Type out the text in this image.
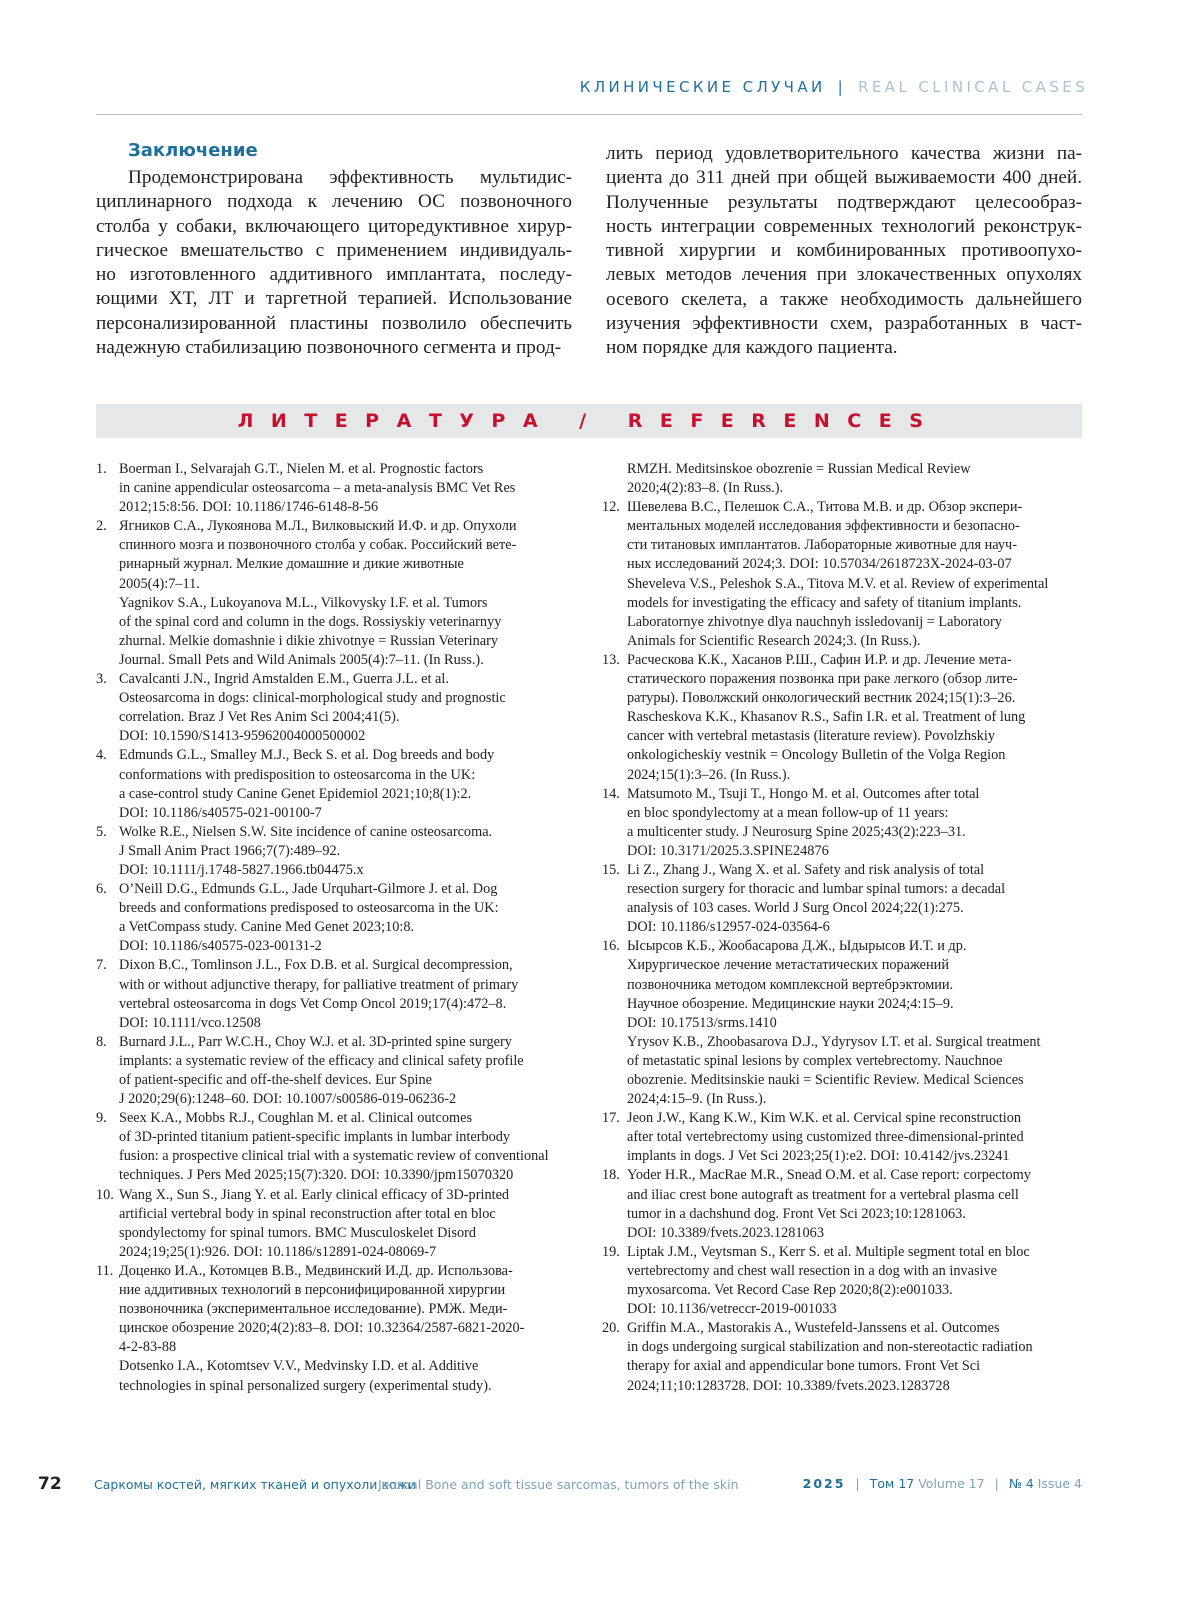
КЛИНИЧЕСКИЕ СЛУЧАИ | REAL CLINICAL CASES
Заключение
Продемонстрирована эффективность мультидис-
циплинарного подхода к лечению ОС позвоночного
столба у собаки, включающего циторедуктивное хирур-
гическое вмешательство с применением индивидуаль-
но изготовленного аддитивного имплантата, последу-
ющими ХТ, ЛТ и таргетной терапией. Использование
персонализированной пластины позволило обеспечить
надежную стабилизацию позвоночного сегмента и прод-
лить период удовлетворительного качества жизни па-
циента до 311 дней при общей выживаемости 400 дней.
Полученные результаты подтверждают целесообраз-
ность интеграции современных технологий реконструк-
тивной хирургии и комбинированных противоопухо-
левых методов лечения при злокачественных опухолях
осевого скелета, а также необходимость дальнейшего
изучения эффективности схем, разработанных в част-
ном порядке для каждого пациента.
ЛИТЕРАТУРА / REFERENCES
1. Boerman I., Selvarajah G.T., Nielen M. et al. Prognostic factors
in canine appendicular osteosarcoma – a meta-analysis BMC Vet Res
2012;15:8:56. DOI: 10.1186/1746-6148-8-56
2. Ягников С.А., Лукоянова М.Л., Вилковыский И.Ф. и др. Опухоли
спинного мозга и позвоночного столба у собак. Российский вете-
ринарный журнал. Мелкие домашние и дикие животные
2005(4):7–11.
Yagnikov S.A., Lukoyanova M.L., Vilkovysky I.F. et al. Tumors
of the spinal cord and column in the dogs. Rossiyskiy veterinarnyy
zhurnal. Melkie domashnie i dikie zhivotnye = Russian Veterinary
Journal. Small Pets and Wild Animals 2005(4):7–11. (In Russ.).
3. Cavalcanti J.N., Ingrid Amstalden E.M., Guerra J.L. et al.
Osteosarcoma in dogs: clinical-morphological study and prognostic
correlation. Braz J Vet Res Anim Sci 2004;41(5).
DOI: 10.1590/S1413-95962004000500002
4. Edmunds G.L., Smalley M.J., Beck S. et al. Dog breeds and body
conformations with predisposition to osteosarcoma in the UK:
a case-control study Canine Genet Epidemiol 2021;10;8(1):2.
DOI: 10.1186/s40575-021-00100-7
5. Wolke R.E., Nielsen S.W. Site incidence of canine osteosarcoma.
J Small Anim Pract 1966;7(7):489–92.
DOI: 10.1111/j.1748-5827.1966.tb04475.x
6. O’Neill D.G., Edmunds G.L., Jade Urquhart-Gilmore J. et al. Dog
breeds and conformations predisposed to osteosarcoma in the UK:
a VetCompass study. Canine Med Genet 2023;10:8.
DOI: 10.1186/s40575-023-00131-2
7. Dixon B.C., Tomlinson J.L., Fox D.B. et al. Surgical decompression,
with or without adjunctive therapy, for palliative treatment of primary
vertebral osteosarcoma in dogs Vet Comp Oncol 2019;17(4):472–8.
DOI: 10.1111/vco.12508
8. Burnard J.L., Parr W.C.H., Choy W.J. et al. 3D-printed spine surgery
implants: a systematic review of the efficacy and clinical safety profile
of patient-specific and off-the-shelf devices. Eur Spine
J 2020;29(6):1248–60. DOI: 10.1007/s00586-019-06236-2
9. Seex K.A., Mobbs R.J., Coughlan M. et al. Clinical outcomes
of 3D-printed titanium patient-specific implants in lumbar interbody
fusion: a prospective clinical trial with a systematic review of conventional
techniques. J Pers Med 2025;15(7):320. DOI: 10.3390/jpm15070320
10. Wang X., Sun S., Jiang Y. et al. Early clinical efficacy of 3D-printed
artificial vertebral body in spinal reconstruction after total en bloc
spondylectomy for spinal tumors. BMC Musculoskelet Disord
2024;19;25(1):926. DOI: 10.1186/s12891-024-08069-7
11. Доценко И.А., Котомцев В.В., Медвинский И.Д. др. Использова-
ние аддитивных технологий в персонифицированной хирургии
позвоночника (экспериментальное исследование). РМЖ. Меди-
цинское обозрение 2020;4(2):83–8. DOI: 10.32364/2587-6821-2020-
4-2-83-88
Dotsenko I.A., Kotomtsev V.V., Medvinsky I.D. et al. Additive
technologies in spinal personalized surgery (experimental study).
RMZH. Meditsinskoe obozrenie = Russian Medical Review
2020;4(2):83–8. (In Russ.).
12. Шевелева В.С., Пелешок С.А., Титова М.В. и др. Обзор экспери-
ментальных моделей исследования эффективности и безопасно-
сти титановых имплантатов. Лабораторные животные для науч-
ных исследований 2024;3. DOI: 10.57034/2618723X-2024-03-07
Sheveleva V.S., Peleshok S.A., Titova M.V. et al. Review of experimental
models for investigating the efficacy and safety of titanium implants.
Laboratornye zhivotnye dlya nauchnyh issledovanij = Laboratory
Animals for Scientific Research 2024;3. (In Russ.).
13. Расческова К.К., Хасанов Р.Ш., Сафин И.Р. и др. Лечение мета-
статического поражения позвонка при раке легкого (обзор лите-
ратуры). Поволжский онкологический вестник 2024;15(1):3–26.
Rascheskova K.K., Khasanov R.S., Safin I.R. et al. Treatment of lung
cancer with vertebral metastasis (literature review). Povolzhskiy
onkologicheskiy vestnik = Oncology Bulletin of the Volga Region
2024;15(1):3–26. (In Russ.).
14. Matsumoto M., Tsuji T., Hongo M. et al. Outcomes after total
en bloc spondylectomy at a mean follow-up of 11 years:
a multicenter study. J Neurosurg Spine 2025;43(2):223–31.
DOI: 10.3171/2025.3.SPINE24876
15. Li Z., Zhang J., Wang X. et al. Safety and risk analysis of total
resection surgery for thoracic and lumbar spinal tumors: a decadal
analysis of 103 cases. World J Surg Oncol 2024;22(1):275.
DOI: 10.1186/s12957-024-03564-6
16. Ысырсов К.Б., Жообасарова Д.Ж., Ыдырысов И.Т. и др.
Хирургическое лечение метастатических поражений
позвоночника методом комплексной вертебрэктомии.
Научное обозрение. Медицинские науки 2024;4:15–9.
DOI: 10.17513/srms.1410
Yrysov K.B., Zhoobasarova D.J., Ydyrysov I.T. et al. Surgical treatment
of metastatic spinal lesions by complex vertebrectomy. Nauchnoe
obozrenie. Meditsinskie nauki = Scientific Review. Medical Sciences
2024;4:15–9. (In Russ.).
17. Jeon J.W., Kang K.W., Kim W.K. et al. Cervical spine reconstruction
after total vertebrectomy using customized three-dimensional-printed
implants in dogs. J Vet Sci 2023;25(1):e2. DOI: 10.4142/jvs.23241
18. Yoder H.R., MacRae M.R., Snead O.M. et al. Case report: corpectomy
and iliac crest bone autograft as treatment for a vertebral plasma cell
tumor in a dachshund dog. Front Vet Sci 2023;10:1281063.
DOI: 10.3389/fvets.2023.1281063
19. Liptak J.M., Veytsman S., Kerr S. et al. Multiple segment total en bloc
vertebrectomy and chest wall resection in a dog with an invasive
myxosarcoma. Vet Record Case Rep 2020;8(2):e001033.
DOI: 10.1136/vetreccr-2019-001033
20. Griffin M.A., Mastorakis A., Wustefeld-Janssens et al. Outcomes
in dogs undergoing surgical stabilization and non-stereotactic radiation
therapy for axial and appendicular bone tumors. Front Vet Sci
2024;11;10:1283728. DOI: 10.3389/fvets.2023.1283728
72	Саркомы костей, мягких тканей и опухоли кожи
Journal Bone and soft tissue sarcomas, tumors of the skin	2025 | Том 17 Volume 17 | № 4 Issue 4
